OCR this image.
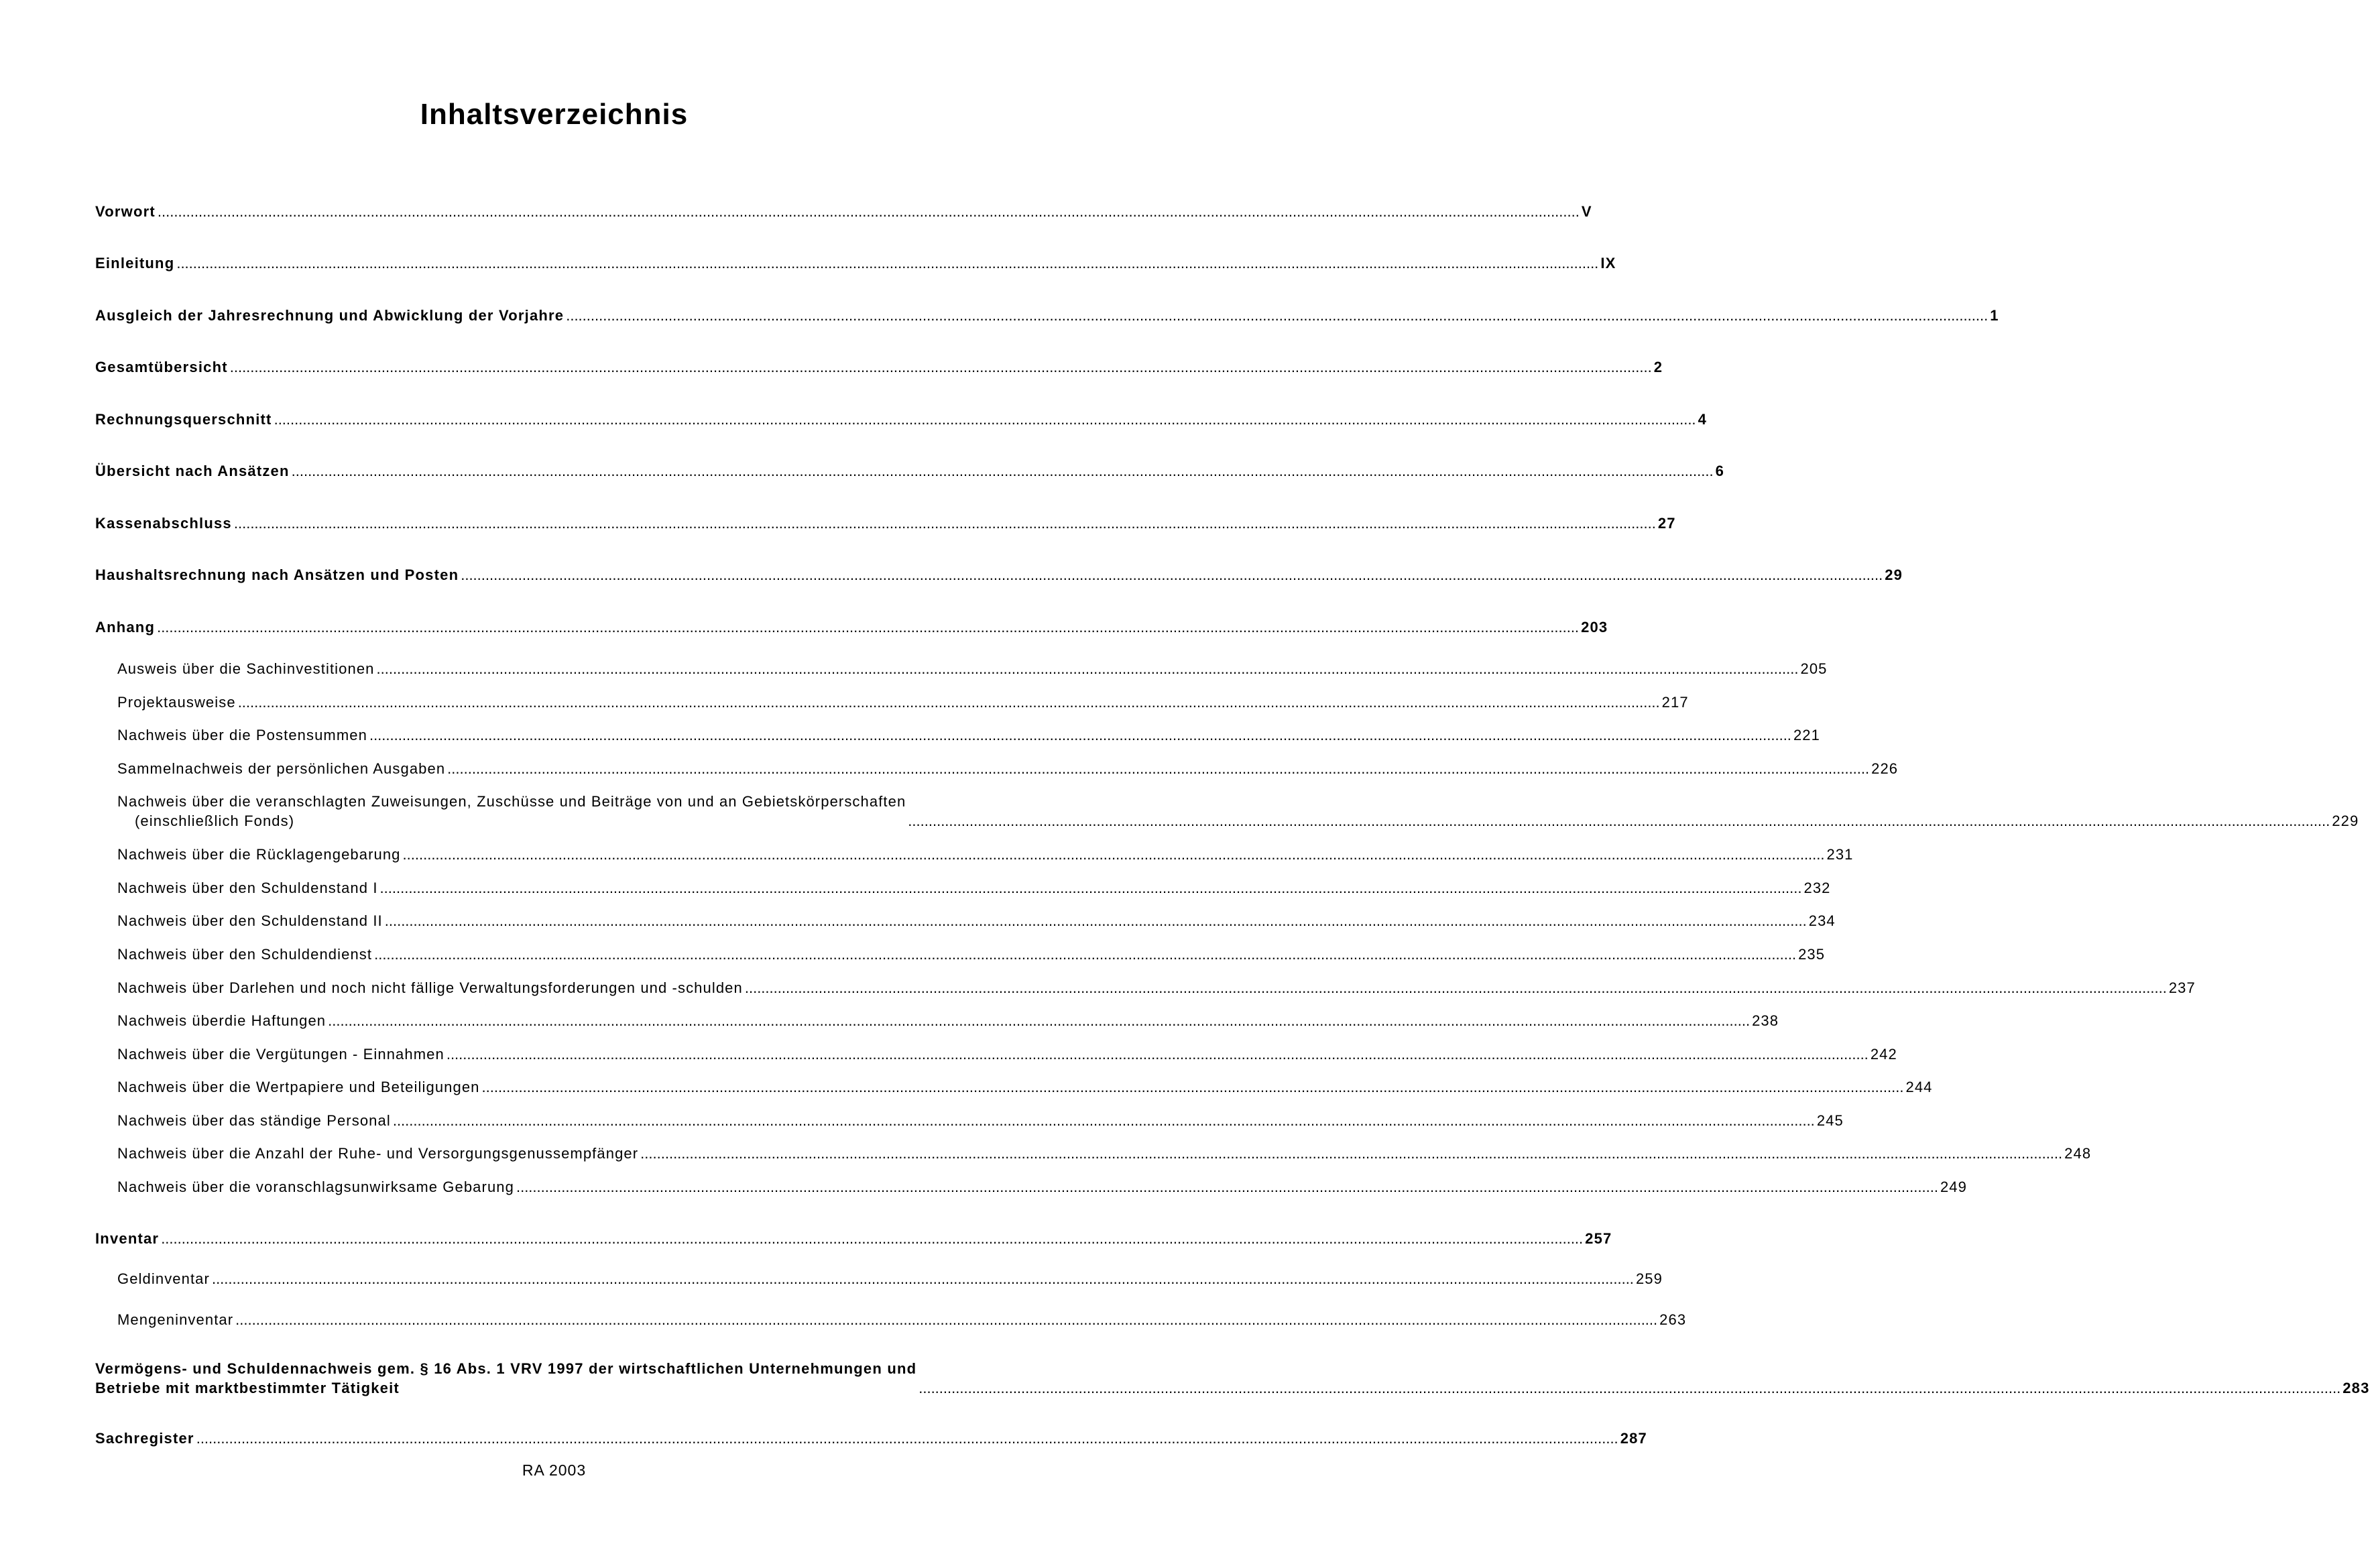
Inhaltsverzeichnis
Vorwort ........................................................................................................................................................................................................................................................................................................................................................... V
Einleitung ........................................................................................................................................................................................................................................................................................................................................................... IX
Ausgleich der Jahresrechnung und Abwicklung der Vorjahre ........................................................................................................................................................................................................................................................................................................................................................... 1
Gesamtübersicht ........................................................................................................................................................................................................................................................................................................................................................... 2
Rechnungsquerschnitt ........................................................................................................................................................................................................................................................................................................................................................... 4
Übersicht nach Ansätzen ........................................................................................................................................................................................................................................................................................................................................................... 6
Kassenabschluss ........................................................................................................................................................................................................................................................................................................................................................... 27
Haushaltsrechnung nach Ansätzen und Posten ........................................................................................................................................................................................................................................................................................................................................................... 29
Anhang ........................................................................................................................................................................................................................................................................................................................................................... 203
Ausweis über die Sachinvestitionen ........................................................................................................................................................................................................................................................................................................................................................... 205
Projektausweise ........................................................................................................................................................................................................................................................................................................................................................... 217
Nachweis über die Postensummen ........................................................................................................................................................................................................................................................................................................................................................... 221
Sammelnachweis der persönlichen Ausgaben ........................................................................................................................................................................................................................................................................................................................................................... 226
Nachweis über die veranschlagten Zuweisungen, Zuschüsse und Beiträge von und an Gebietskörperschaften
(einschließlich Fonds)	........................................................................................................................................................................................................................................................................................................................................................... 229
Nachweis über die Rücklagengebarung ........................................................................................................................................................................................................................................................................................................................................................... 231
Nachweis über den Schuldenstand I ........................................................................................................................................................................................................................................................................................................................................................... 232
Nachweis über den Schuldenstand II ........................................................................................................................................................................................................................................................................................................................................................... 234
Nachweis über den Schuldendienst ........................................................................................................................................................................................................................................................................................................................................................... 235
Nachweis über Darlehen und noch nicht fällige Verwaltungsforderungen und -schulden ........................................................................................................................................................................................................................................................................................................................................................... 237
Nachweis überdie Haftungen ........................................................................................................................................................................................................................................................................................................................................................... 238
Nachweis über die Vergütungen - Einnahmen ........................................................................................................................................................................................................................................................................................................................................................... 242
Nachweis über die Wertpapiere und Beteiligungen ........................................................................................................................................................................................................................................................................................................................................................... 244
Nachweis über das ständige Personal ........................................................................................................................................................................................................................................................................................................................................................... 245
Nachweis über die Anzahl der Ruhe- und Versorgungsgenussempfänger ........................................................................................................................................................................................................................................................................................................................................................... 248
Nachweis über die voranschlagsunwirksame Gebarung ........................................................................................................................................................................................................................................................................................................................................................... 249
Inventar ........................................................................................................................................................................................................................................................................................................................................................... 257
Geldinventar ........................................................................................................................................................................................................................................................................................................................................................... 259
Mengeninventar ........................................................................................................................................................................................................................................................................................................................................................... 263
Vermögens- und Schuldennachweis gem. § 16 Abs. 1 VRV 1997 der wirtschaftlichen Unternehmungen und
Betriebe mit marktbestimmter Tätigkeit	........................................................................................................................................................................................................................................................................................................................................................... 283
Sachregister ........................................................................................................................................................................................................................................................................................................................................................... 287
RA 2003
